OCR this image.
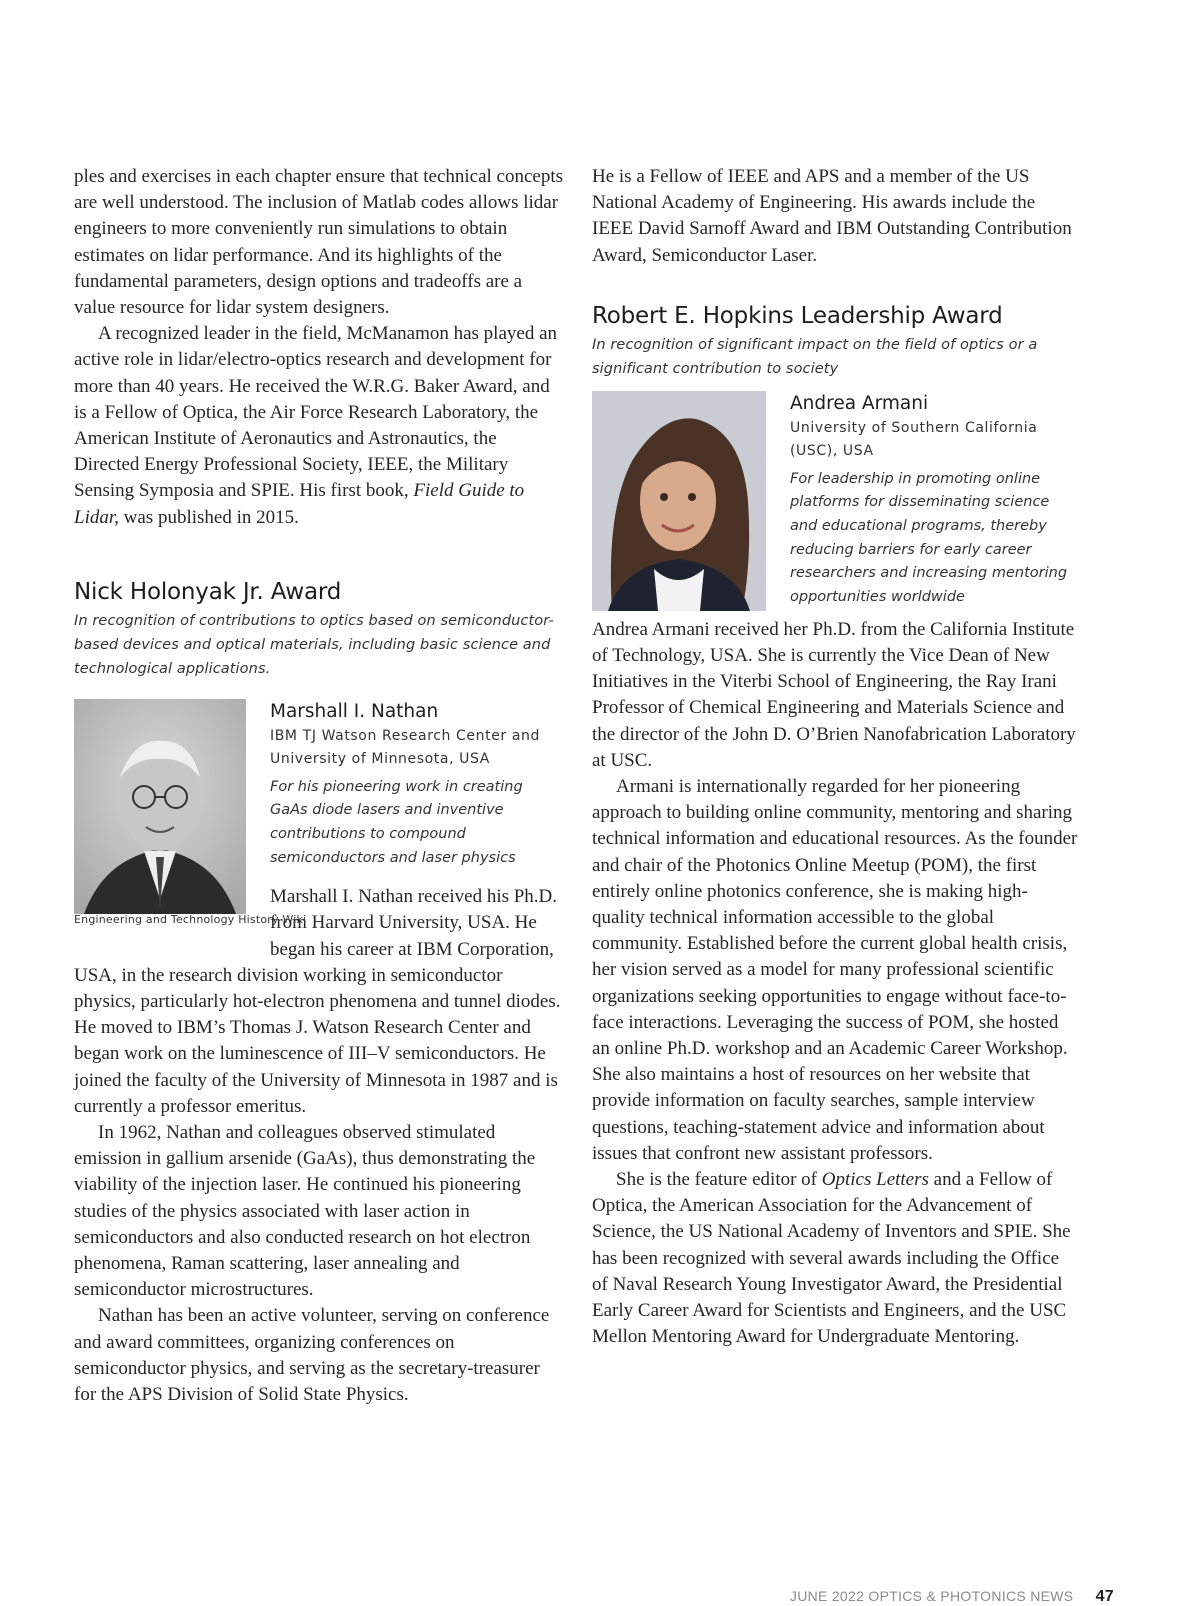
ples and exercises in each chapter ensure that technical concepts are well understood. The inclusion of Matlab codes allows lidar engineers to more conveniently run simulations to obtain estimates on lidar performance. And its highlights of the fundamental parameters, design options and tradeoffs are a value resource for lidar system designers.

A recognized leader in the field, McManamon has played an active role in lidar/electro-optics research and development for more than 40 years. He received the W.R.G. Baker Award, and is a Fellow of Optica, the Air Force Research Laboratory, the American Institute of Aeronautics and Astronautics, the Directed Energy Professional Society, IEEE, the Military Sensing Symposia and SPIE. His first book, Field Guide to Lidar, was published in 2015.

Nick Holonyak Jr. Award

In recognition of contributions to optics based on semiconductor-based devices and optical materials, including basic science and technological applications.

Engineering and Technology History Wiki

Marshall I. Nathan

IBM TJ Watson Research Center and University of Minnesota, USA

For his pioneering work in creating GaAs diode lasers and inventive contributions to compound semiconductors and laser physics

Marshall I. Nathan received his Ph.D. from Harvard University, USA. He began his career at IBM Corporation, USA, in the research division working in semiconductor physics, particularly hot-electron phenomena and tunnel diodes. He moved to IBM’s Thomas J. Watson Research Center and began work on the luminescence of III–V semiconductors. He joined the faculty of the University of Minnesota in 1987 and is currently a professor emeritus.

In 1962, Nathan and colleagues observed stimulated emission in gallium arsenide (GaAs), thus demonstrating the viability of the injection laser. He continued his pioneering studies of the physics associated with laser action in semiconductors and also conducted research on hot electron phenomena, Raman scattering, laser annealing and semiconductor microstructures.

Nathan has been an active volunteer, serving on conference and award committees, organizing conferences on semiconductor physics, and serving as the secretary-treasurer for the APS Division of Solid State Physics.

He is a Fellow of IEEE and APS and a member of the US National Academy of Engineering. His awards include the IEEE David Sarnoff Award and IBM Outstanding Contribution Award, Semiconductor Laser.

Robert E. Hopkins Leadership Award

In recognition of significant impact on the field of optics or a significant contribution to society

Andrea Armani

University of Southern California (USC), USA

For leadership in promoting online platforms for disseminating science and educational programs, thereby reducing barriers for early career researchers and increasing mentoring opportunities worldwide

Andrea Armani received her Ph.D. from the California Institute of Technology, USA. She is currently the Vice Dean of New Initiatives in the Viterbi School of Engineering, the Ray Irani Professor of Chemical Engineering and Materials Science and the director of the John D. O’Brien Nanofabrication Laboratory at USC.

Armani is internationally regarded for her pioneering approach to building online community, mentoring and sharing technical information and educational resources. As the founder and chair of the Photonics Online Meetup (POM), the first entirely online photonics conference, she is making high-quality technical information accessible to the global community. Established before the current global health crisis, her vision served as a model for many professional scientific organizations seeking opportunities to engage without face-to-face interactions. Leveraging the success of POM, she hosted an online Ph.D. workshop and an Academic Career Workshop. She also maintains a host of resources on her website that provide information on faculty searches, sample interview questions, teaching-statement advice and information about issues that confront new assistant professors.

She is the feature editor of Optics Letters and a Fellow of Optica, the American Association for the Advancement of Science, the US National Academy of Inventors and SPIE. She has been recognized with several awards including the Office of Naval Research Young Investigator Award, the Presidential Early Career Award for Scientists and Engineers, and the USC Mellon Mentoring Award for Undergraduate Mentoring.

JUNE 2022 OPTICS & PHOTONICS NEWS 47
